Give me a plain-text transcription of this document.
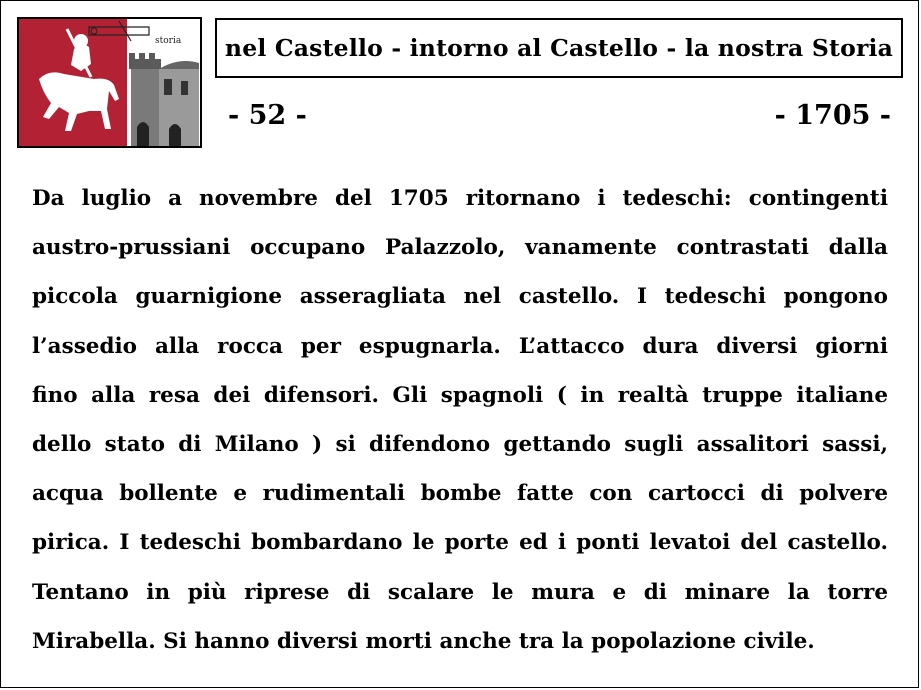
storia nel Castello - intorno al Castello - la nostra Storia
- 52 -	- 1705 -
Da luglio a novembre del 1705 ritornano i tedeschi: contingenti
austro-prussiani occupano Palazzolo, vanamente contrastati dalla
piccola guarnigione asseragliata nel castello. I tedeschi pongono
l’assedio alla rocca per espugnarla. L’attacco dura diversi giorni
fino alla resa dei difensori. Gli spagnoli ( in realtà truppe italiane
dello stato di Milano ) si difendono gettando sugli assalitori sassi,
acqua bollente e rudimentali bombe fatte con cartocci di polvere
pirica. I tedeschi bombardano le porte ed i ponti levatoi del castello.
Tentano in più riprese di scalare le mura e di minare la torre
Mirabella. Si hanno diversi morti anche tra la popolazione civile.
